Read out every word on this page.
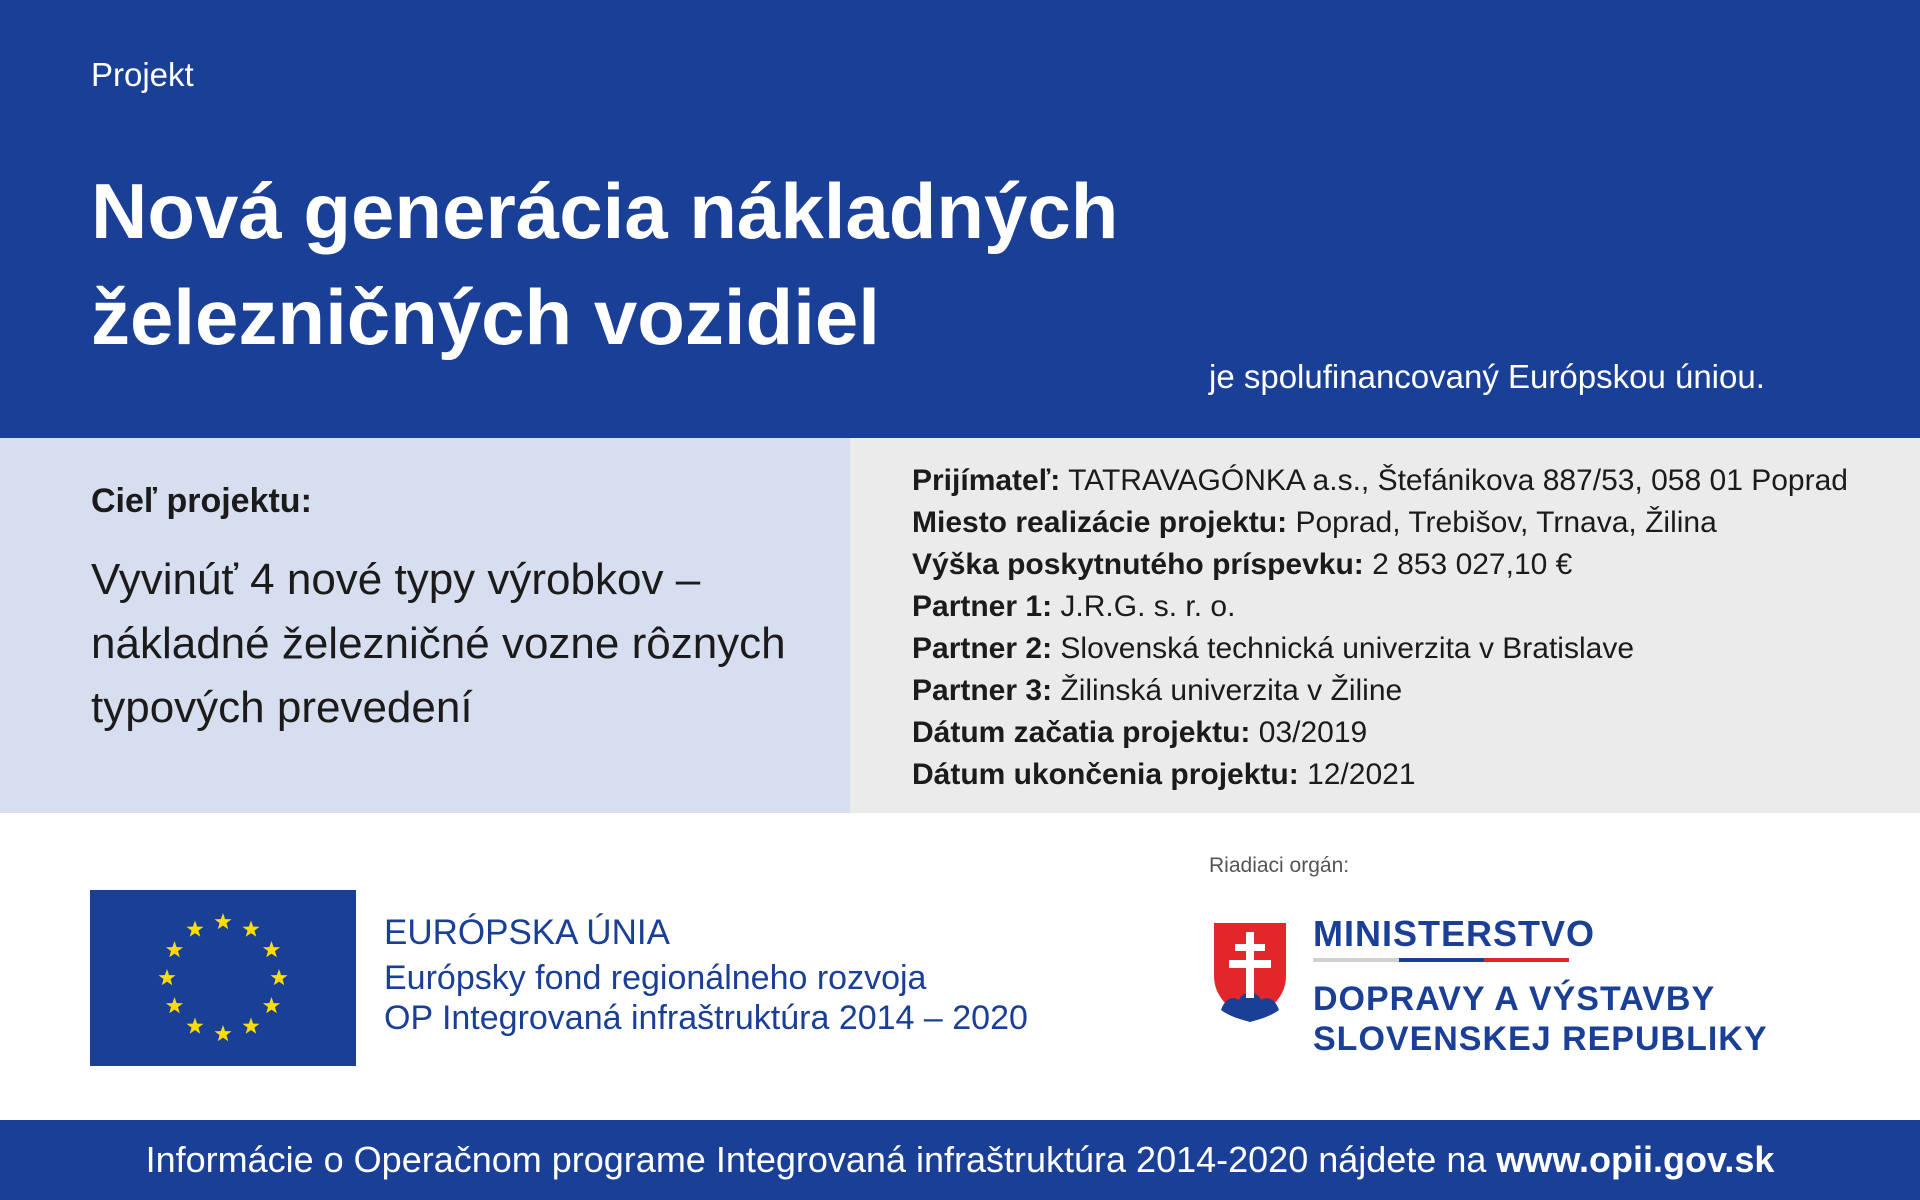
Projekt
Nová generácia nákladných železničných vozidiel
je spolufinancovaný Európskou úniou.
Cieľ projektu:

Vyvinúť 4 nové typy výrobkov – nákladné železničné vozne rôznych typových prevedení

Prijímateľ: TATRAVAGÓNKA a.s., Štefánikova 887/53, 058 01 Poprad
Miesto realizácie projektu: Poprad, Trebišov, Trnava, Žilina
Výška poskytnutého príspevku: 2 853 027,10 €
Partner 1: J.R.G. s. r. o.
Partner 2: Slovenská technická univerzita v Bratislave
Partner 3: Žilinská univerzita v Žiline
Dátum začatia projektu: 03/2019
Dátum ukončenia projektu: 12/2021
EURÓPSKA ÚNIA
Európsky fond regionálneho rozvoja
OP Integrovaná infraštruktúra 2014 – 2020
Riadiaci orgán:
MINISTERSTVO
DOPRAVY A VÝSTAVBY
SLOVENSKEJ REPUBLIKY
Informácie o Operačnom programe Integrovaná infraštruktúra 2014-2020 nájdete na www.opii.gov.sk
